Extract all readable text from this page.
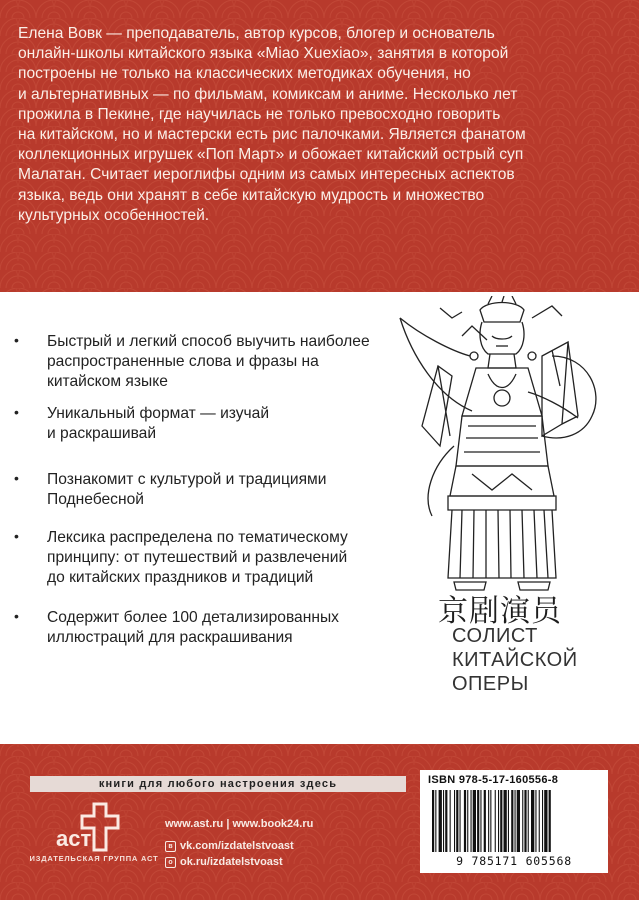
Елена Вовк — преподаватель, автор курсов, блогер и основатель
онлайн-школы китайского языка «Miao Xuexiao», занятия в которой
построены не только на классических методиках обучения, но
и альтернативных — по фильмам, комиксам и аниме. Несколько лет
прожила в Пекине, где научилась не только превосходно говорить
на китайском, но и мастерски есть рис палочками. Является фанатом
коллекционных игрушек «Поп Март» и обожает китайский острый суп
Малатан. Считает иероглифы одним из самых интересных аспектов
языка, ведь они хранят в себе китайскую мудрость и множество
культурных особенностей.

• Быстрый и легкий способ выучить наиболее
распространенные слова и фразы на
китайском языке

• Уникальный формат — изучай
и раскрашивай

• Познакомит с культурой и традициями
Поднебесной

• Лексика распределена по тематическому
принципу: от путешествий и развлечений
до китайских праздников и традиций

• Содержит более 100 детализированных
иллюстраций для раскрашивания

京剧演员

СОЛИСТ
КИТАЙСКОЙ
ОПЕРЫ

книги для любого настроения здесь
аст
ИЗДАТЕЛЬСКАЯ ГРУППА АСТ
www.ast.ru | www.book24.ru
в vk.com/izdatelstvoast
о ok.ru/izdatelstvoast
ISBN 978-5-17-160556-8
9 785171 605568
